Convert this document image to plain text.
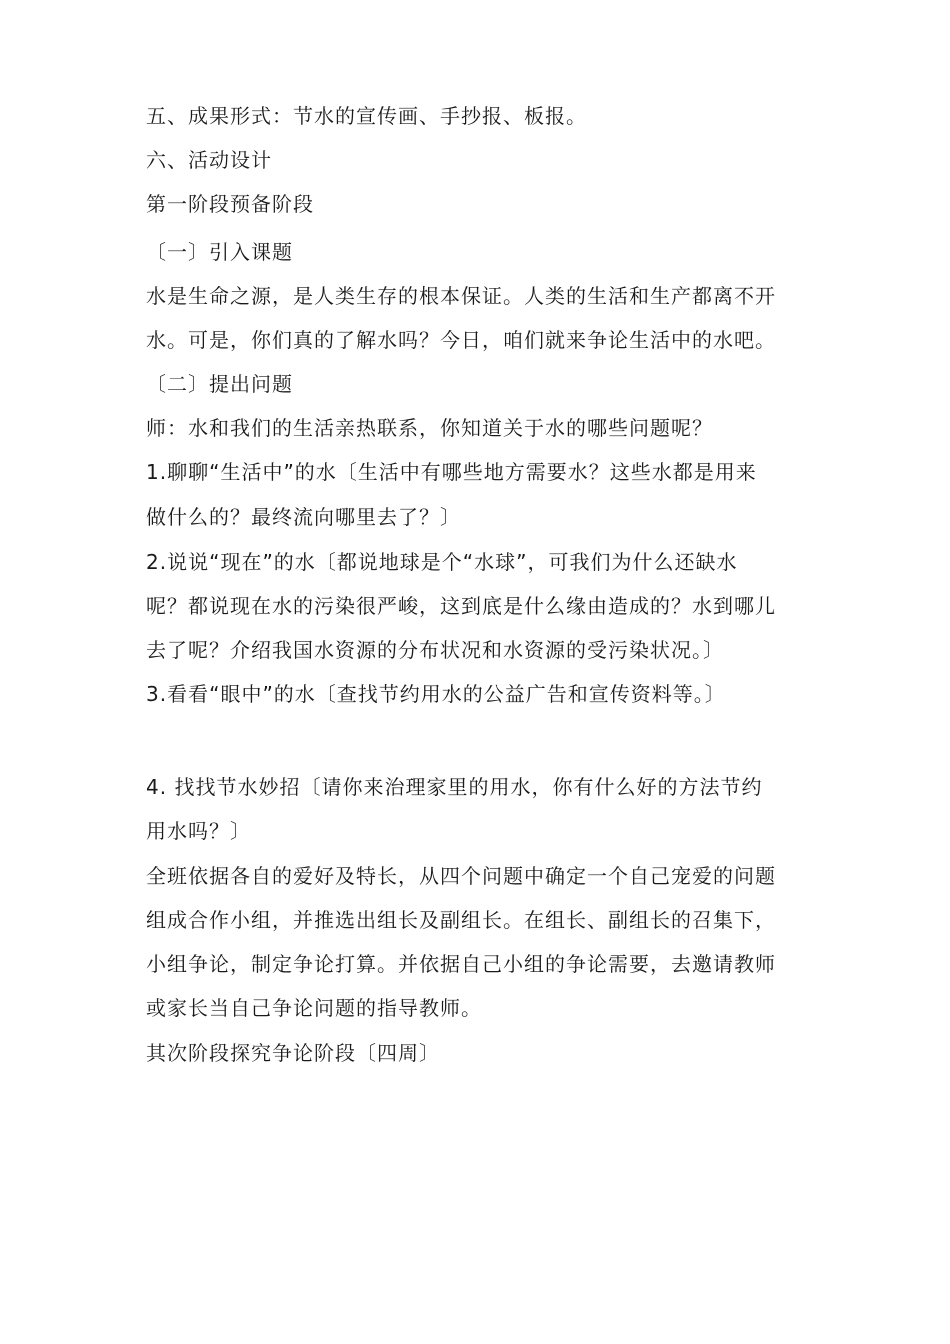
五、成果形式：节水的宣传画、手抄报、板报。
六、活动设计
第一阶段预备阶段
〔一〕引入课题
水是生命之源，是人类生存的根本保证。人类的生活和生产都离不开
水。可是，你们真的了解水吗？今日，咱们就来争论生活中的水吧。
〔二〕提出问题
师：水和我们的生活亲热联系，你知道关于水的哪些问题呢？
1.聊聊“生活中”的水〔生活中有哪些地方需要水？这些水都是用来
做什么的？最终流向哪里去了？〕
2.说说“现在”的水〔都说地球是个“水球”，可我们为什么还缺水
呢？都说现在水的污染很严峻，这到底是什么缘由造成的？水到哪儿
去了呢？介绍我国水资源的分布状况和水资源的受污染状况。〕
3.看看“眼中”的水〔查找节约用水的公益广告和宣传资料等。〕
4. 找找节水妙招〔请你来治理家里的用水，你有什么好的方法节约
用水吗？〕
全班依据各自的爱好及特长，从四个问题中确定一个自己宠爱的问题
组成合作小组，并推选出组长及副组长。在组长、副组长的召集下，
小组争论，制定争论打算。并依据自己小组的争论需要，去邀请教师
或家长当自己争论问题的指导教师。
其次阶段探究争论阶段〔四周〕
